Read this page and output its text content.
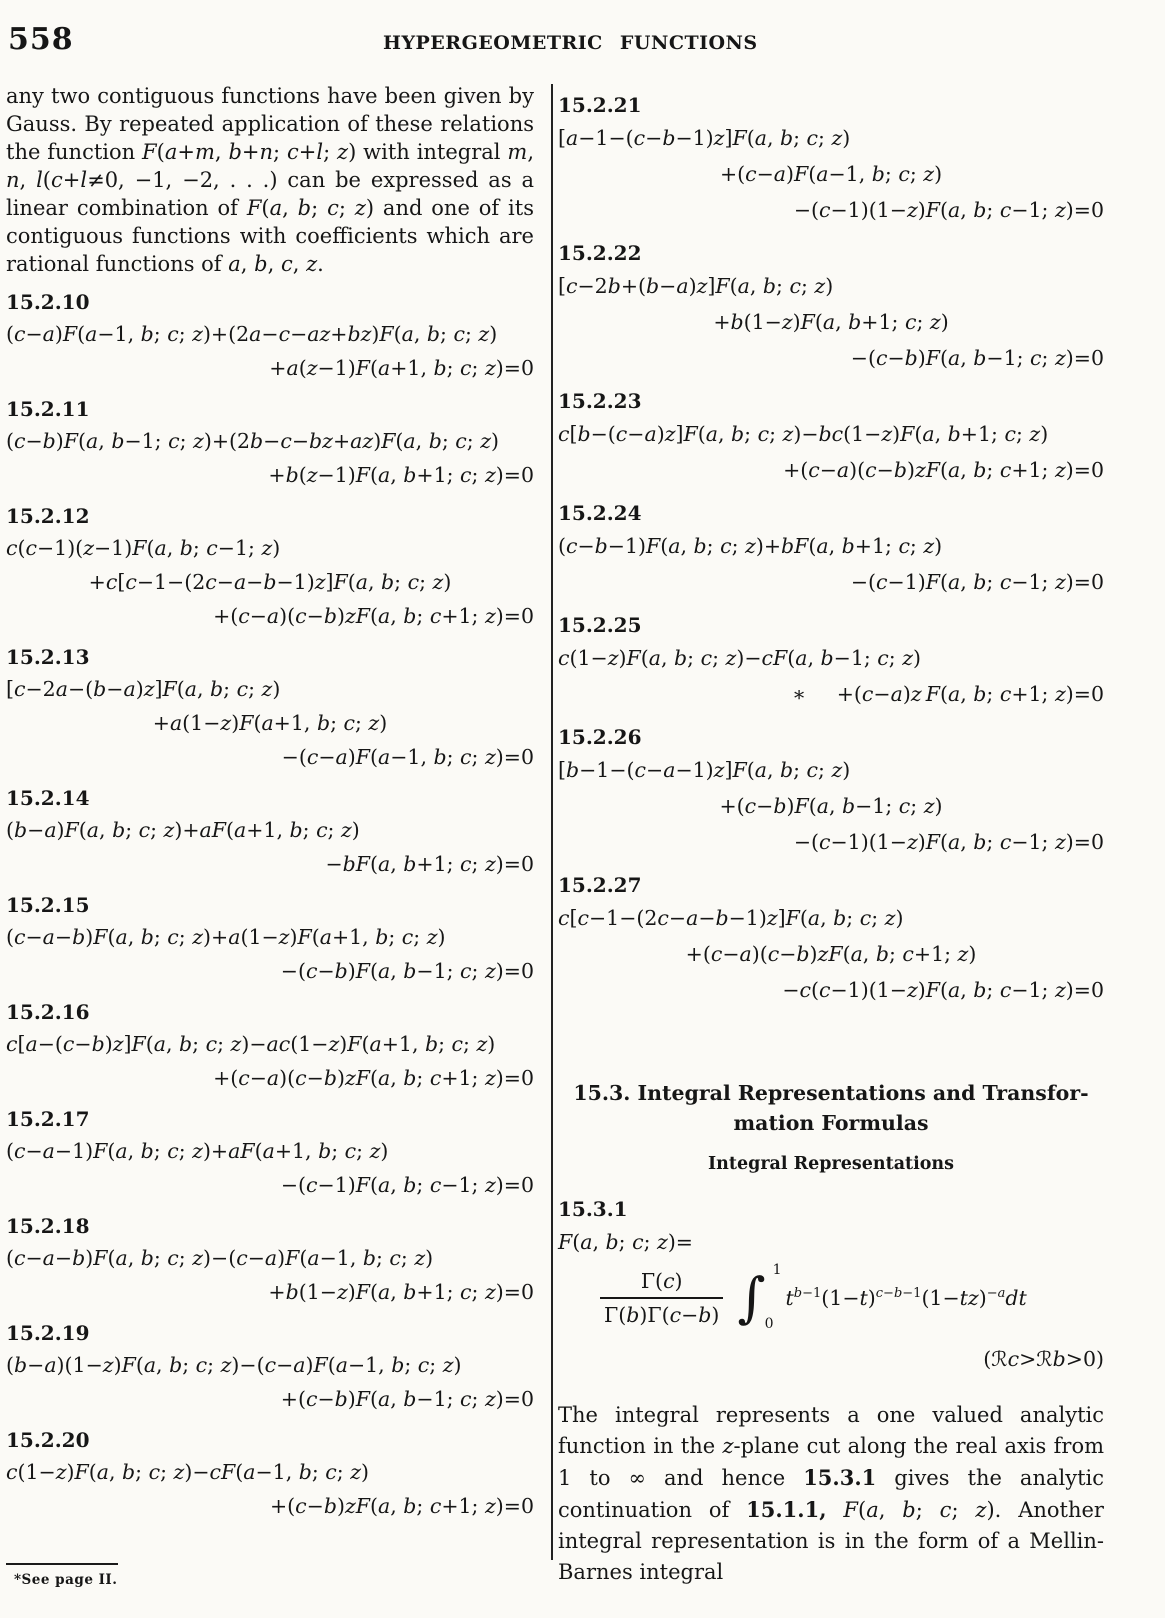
558	HYPERGEOMETRIC FUNCTIONS

any two contiguous functions have been given by Gauss. By repeated application of these relations the function F(a+m, b+n; c+l; z) with integral m, n, l(c+l≠0, −1, −2, . . .) can be expressed as a linear combination of F(a, b; c; z) and one of its contiguous functions with coefficients which are rational functions of a, b, c, z.

15.2.10
(c−a)F(a−1, b; c; z)+(2a−c−az+bz)F(a, b; c; z)
+a(z−1)F(a+1, b; c; z)=0
15.2.11
(c−b)F(a, b−1; c; z)+(2b−c−bz+az)F(a, b; c; z)
+b(z−1)F(a, b+1; c; z)=0
15.2.12
c(c−1)(z−1)F(a, b; c−1; z)
+c[c−1−(2c−a−b−1)z]F(a, b; c; z)
+(c−a)(c−b)zF(a, b; c+1; z)=0
15.2.13
[c−2a−(b−a)z]F(a, b; c; z)
+a(1−z)F(a+1, b; c; z)
−(c−a)F(a−1, b; c; z)=0
15.2.14
(b−a)F(a, b; c; z)+aF(a+1, b; c; z)
−bF(a, b+1; c; z)=0
15.2.15
(c−a−b)F(a, b; c; z)+a(1−z)F(a+1, b; c; z)
−(c−b)F(a, b−1; c; z)=0
15.2.16
c[a−(c−b)z]F(a, b; c; z)−ac(1−z)F(a+1, b; c; z)
+(c−a)(c−b)zF(a, b; c+1; z)=0
15.2.17
(c−a−1)F(a, b; c; z)+aF(a+1, b; c; z)
−(c−1)F(a, b; c−1; z)=0
15.2.18
(c−a−b)F(a, b; c; z)−(c−a)F(a−1, b; c; z)
+b(1−z)F(a, b+1; c; z)=0
15.2.19
(b−a)(1−z)F(a, b; c; z)−(c−a)F(a−1, b; c; z)
+(c−b)F(a, b−1; c; z)=0
15.2.20
c(1−z)F(a, b; c; z)−cF(a−1, b; c; z)
+(c−b)zF(a, b; c+1; z)=0
15.2.21
[a−1−(c−b−1)z]F(a, b; c; z)
+(c−a)F(a−1, b; c; z)
−(c−1)(1−z)F(a, b; c−1; z)=0
15.2.22
[c−2b+(b−a)z]F(a, b; c; z)
+b(1−z)F(a, b+1; c; z)
−(c−b)F(a, b−1; c; z)=0
15.2.23
c[b−(c−a)z]F(a, b; c; z)−bc(1−z)F(a, b+1; c; z)
+(c−a)(c−b)zF(a, b; c+1; z)=0
15.2.24
(c−b−1)F(a, b; c; z)+bF(a, b+1; c; z)
−(c−1)F(a, b; c−1; z)=0
15.2.25
c(1−z)F(a, b; c; z)−cF(a, b−1; c; z)
∗  +(c−a)z  F(a, b; c+1; z)=0
15.2.26
[b−1−(c−a−1)z]F(a, b; c; z)
+(c−b)F(a, b−1; c; z)
−(c−1)(1−z)F(a, b; c−1; z)=0
15.2.27
c[c−1−(2c−a−b−1)z]F(a, b; c; z)
+(c−a)(c−b)zF(a, b; c+1; z)
−c(c−1)(1−z)F(a, b; c−1; z)=0
15.3. Integral Representations and Transfor-
mation Formulas
Integral Representations
15.3.1
F(a, b; c; z)=
$\frac{\Gamma(c)}{\Gamma(b)\Gamma(c-b)}$ ∫ 1
0
$t^{b-1}(1-t)^{c-b-1}(1-tz)^{-a}dt$
(ℛc>ℛb>0)

The integral represents a one valued analytic function in the z-plane cut along the real axis from 1 to ∞ and hence 15.3.1 gives the analytic continuation of 15.1.1, F(a, b; c; z). Another integral representation is in the form of a Mellin-Barnes integral

*See page II.
